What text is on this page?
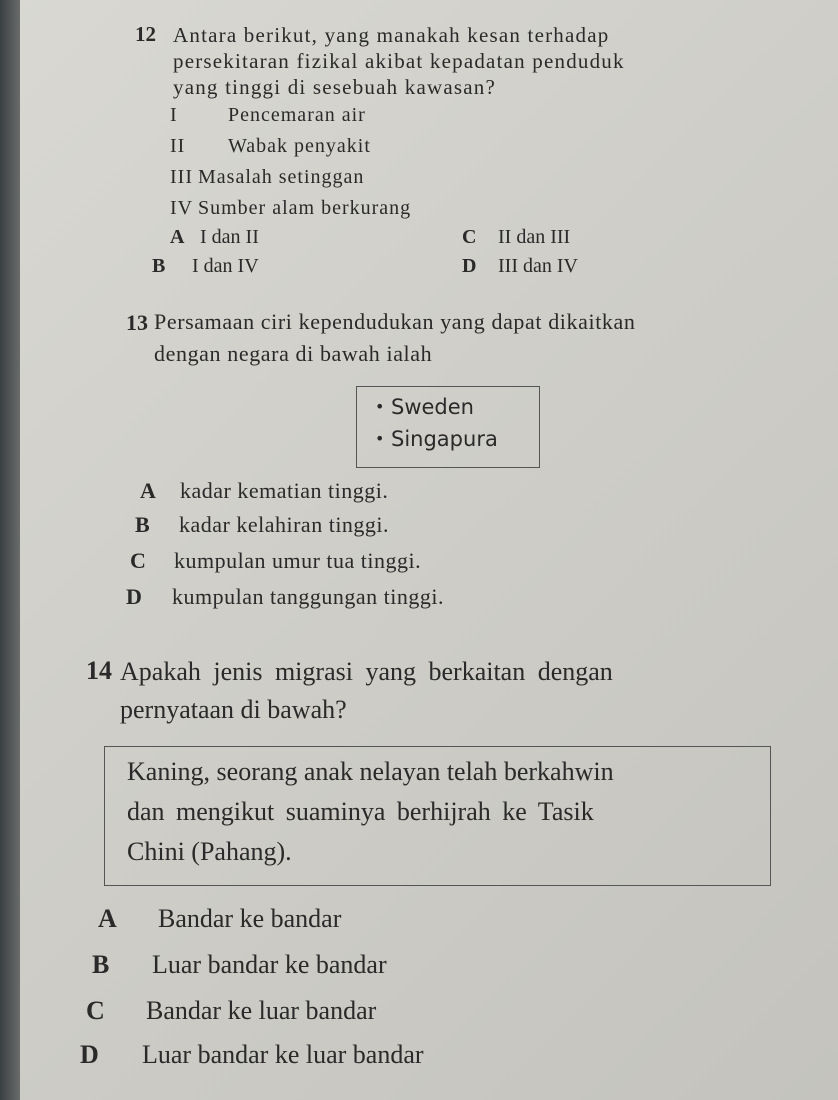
12 Antara berikut, yang manakah kesan terhadap
persekitaran fizikal akibat kepadatan penduduk
yang tinggi di sesebuah kawasan?
I	Pencemaran air
II Wabak penyakit
III Masalah setinggan
IV Sumber alam berkurang
A I dan II
B I dan IV
C II dan III
D III dan IV
13 Persamaan ciri kependudukan yang dapat dikaitkan
dengan negara di bawah ialah
• Sweden
• Singapura
A kadar kematian tinggi.
B kadar kelahiran tinggi.
C kumpulan umur tua tinggi.
D kumpulan tanggungan tinggi.
14 Apakah jenis migrasi yang berkaitan dengan
pernyataan di bawah?
Kaning, seorang anak nelayan telah berkahwin
dan mengikut suaminya berhijrah ke Tasik
Chini (Pahang).
A Bandar ke bandar
B Luar bandar ke bandar
C Bandar ke luar bandar
D Luar bandar ke luar bandar
